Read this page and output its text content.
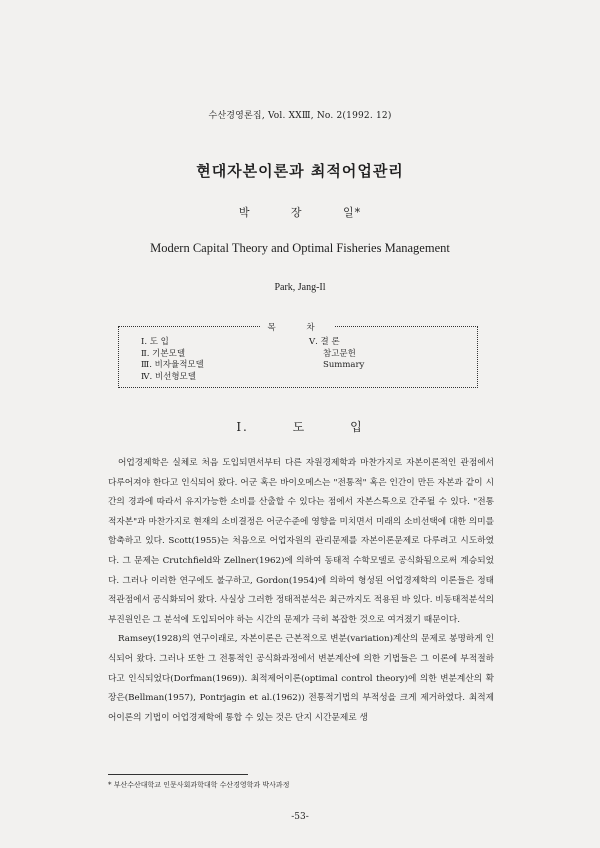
수산경영론집, Vol. XXⅢ, No. 2(1992. 12)
현대자본이론과 최적어업관리
박 장 일*
Modern Capital Theory and Optimal Fisheries Management
Park, Jang-Il
목 차
Ⅰ. 도 입
Ⅱ. 기본모델
Ⅲ. 비자율적모델
Ⅳ. 비선형모델
Ⅴ. 결 론
참고문헌
Summary
Ⅰ. 도 입

어업경제학은 실체로 처음 도입되면서부터 다른 자원경제학과 마찬가지로 자본이론적인 관점에서 다루어져야 한다고 인식되어 왔다. 어군 혹은 바이오메스는 "전통적" 혹은 인간이 만든 자본과 같이 시간의 경과에 따라서 유지가능한 소비를 산출할 수 있다는 점에서 자본스톡으로 간주될 수 있다. "전통적자본"과 마찬가지로 현재의 소비결정은 어군수준에 영향을 미치면서 미래의 소비선택에 대한 의미를 함축하고 있다. Scott(1955)는 처음으로 어업자원의 관리문제를 자본이론문제로 다루려고 시도하였다. 그 문제는 Crutchfield와 Zellner(1962)에 의하여 동태적 수학모델로 공식화됨으로써 계승되었다. 그러나 이러한 연구에도 불구하고, Gordon(1954)에 의하여 형성된 어업경제학의 이론들은 정태적관점에서 공식화되어 왔다. 사실상 그러한 정태적분석은 최근까지도 적용된 바 있다. 비동태적분석의 부진원인은 그 분석에 도입되어야 하는 시간의 문제가 극히 복잡한 것으로 여겨졌기 때문이다.

Ramsey(1928)의 연구이래로, 자본이론은 근본적으로 변분(variation)계산의 문제로 봉명하게 인식되어 왔다. 그러나 또한 그 전통적인 공식화과정에서 변분계산에 의한 기법들은 그 이론에 부적절하다고 인식되었다(Dorfman(1969)). 최적제어이론(optimal control theory)에 의한 변분계산의 확장은(Bellman(1957), Pontrjagin et al.(1962)) 전통적기법의 부적성을 크게 제거하였다. 최적제어이론의 기법이 어업경제학에 통합 수 있는 것은 단지 시간문제로 생

* 부산수산대학교 인문사회과학대학 수산경영학과 박사과정
-53-
